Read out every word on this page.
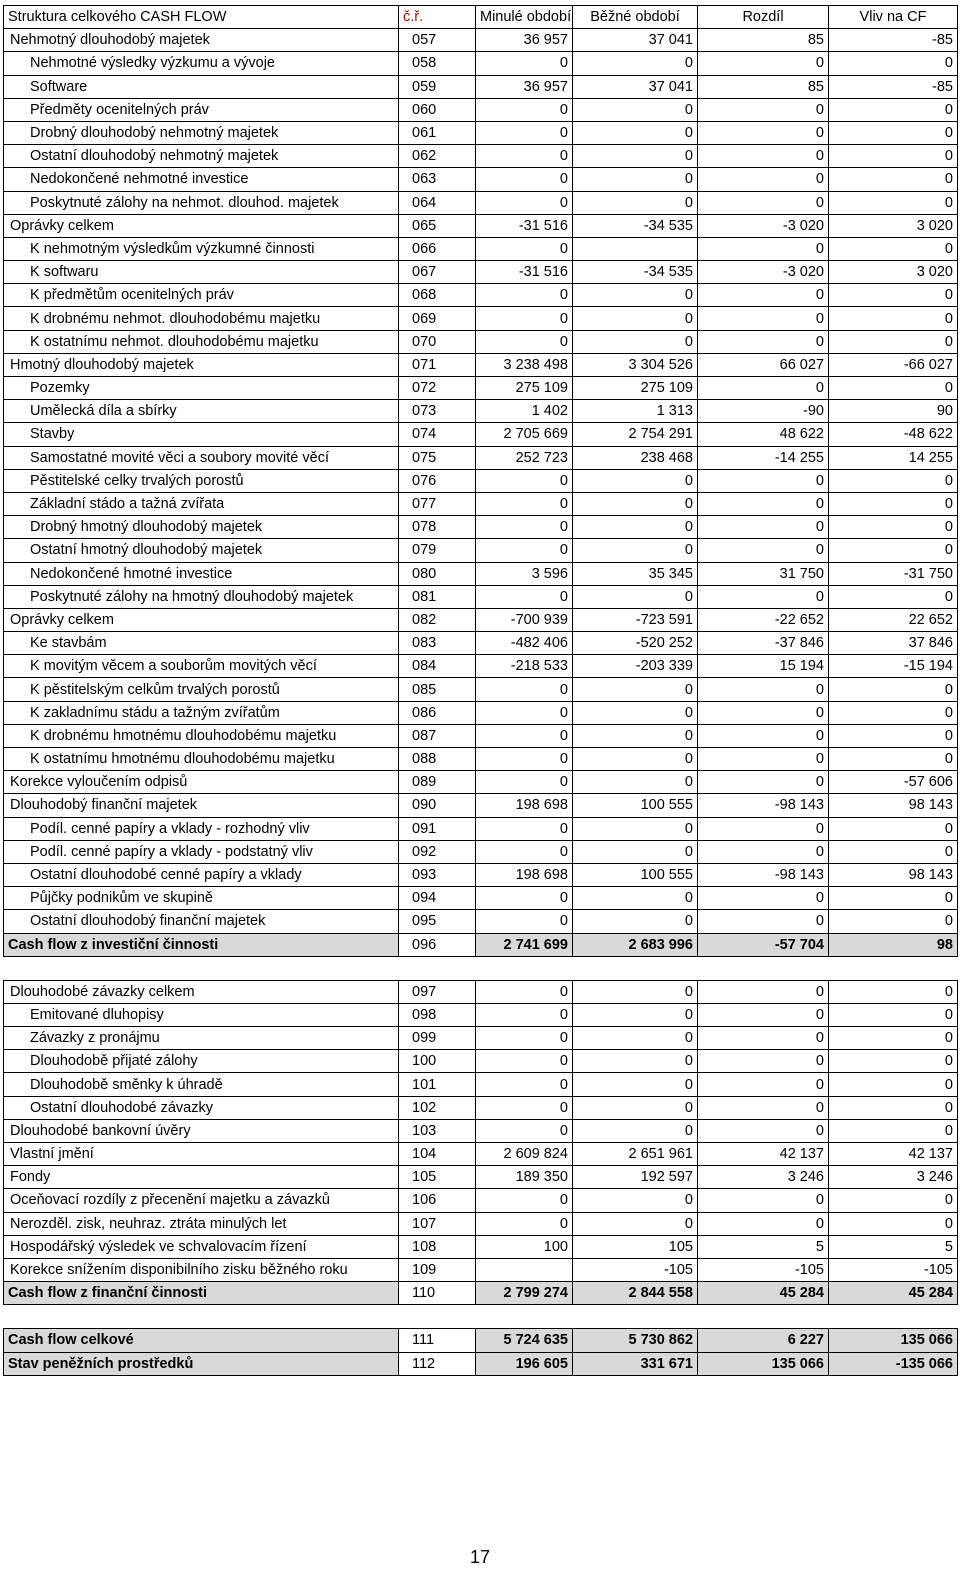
Struktura celkového CASH FLOW	č.ř.	Minulé období	Běžné období	Rozdíl	Vliv na CF
Nehmotný dlouhodobý majetek	057	36 957	37 041	85	-85
Nehmotné výsledky výzkumu a vývoje	058	0	0	0	0
Software	059	36 957	37 041	85	-85
Předměty ocenitelných práv	060	0	0	0	0
Drobný dlouhodobý nehmotný majetek	061	0	0	0	0
Ostatní dlouhodobý nehmotný majetek	062	0	0	0	0
Nedokončené nehmotné investice	063	0	0	0	0
Poskytnuté zálohy na nehmot. dlouhod. majetek	064	0	0	0	0
Oprávky celkem	065	-31 516	-34 535	-3 020	3 020
K nehmotným výsledkům výzkumné činnosti	066	0		0	0
K softwaru	067	-31 516	-34 535	-3 020	3 020
K předmětům ocenitelných práv	068	0	0	0	0
K drobnému nehmot. dlouhodobému majetku	069	0	0	0	0
K ostatnímu nehmot. dlouhodobému majetku	070	0	0	0	0
Hmotný dlouhodobý majetek	071	3 238 498	3 304 526	66 027	-66 027
Pozemky	072	275 109	275 109	0	0
Umělecká díla a sbírky	073	1 402	1 313	-90	90
Stavby	074	2 705 669	2 754 291	48 622	-48 622
Samostatné movité věci a soubory movité věcí	075	252 723	238 468	-14 255	14 255
Pěstitelské celky trvalých porostů	076	0	0	0	0
Základní stádo a tažná zvířata	077	0	0	0	0
Drobný hmotný dlouhodobý majetek	078	0	0	0	0
Ostatní hmotný dlouhodobý majetek	079	0	0	0	0
Nedokončené hmotné investice	080	3 596	35 345	31 750	-31 750
Poskytnuté zálohy na hmotný dlouhodobý majetek	081	0	0	0	0
Oprávky celkem	082	-700 939	-723 591	-22 652	22 652
Ke stavbám	083	-482 406	-520 252	-37 846	37 846
K movitým věcem a souborům movitých věcí	084	-218 533	-203 339	15 194	-15 194
K pěstitelským celkům trvalých porostů	085	0	0	0	0
K zakladnímu stádu a tažným zvířatům	086	0	0	0	0
K drobnému hmotnému dlouhodobému majetku	087	0	0	0	0
K ostatnímu hmotnému dlouhodobému majetku	088	0	0	0	0
Korekce vyloučením odpisů	089	0	0	0	-57 606
Dlouhodobý finanční majetek	090	198 698	100 555	-98 143	98 143
Podíl. cenné papíry a vklady - rozhodný vliv	091	0	0	0	0
Podíl. cenné papíry a vklady - podstatný vliv	092	0	0	0	0
Ostatní dlouhodobé cenné papíry a vklady	093	198 698	100 555	-98 143	98 143
Půjčky podnikům ve skupině	094	0	0	0	0
Ostatní dlouhodobý finanční majetek	095	0	0	0	0
Cash flow z investiční činnosti	096	2 741 699	2 683 996	-57 704	98

Dlouhodobé závazky celkem	097	0	0	0	0
Emitované dluhopisy	098	0	0	0	0
Závazky z pronájmu	099	0	0	0	0
Dlouhodobě přijaté zálohy	100	0	0	0	0
Dlouhodobě směnky k úhradě	101	0	0	0	0
Ostatní dlouhodobé závazky	102	0	0	0	0
Dlouhodobé bankovní úvěry	103	0	0	0	0
Vlastní jmění	104	2 609 824	2 651 961	42 137	42 137
Fondy	105	189 350	192 597	3 246	3 246
Oceňovací rozdíly z přecenění majetku a závazků	106	0	0	0	0
Nerozděl. zisk, neuhraz. ztráta minulých let	107	0	0	0	0
Hospodářský výsledek ve schvalovacím řízení	108	100	105	5	5
Korekce snížením disponibilního zisku běžného roku	109		-105	-105	-105
Cash flow z finanční činnosti	110	2 799 274	2 844 558	45 284	45 284

Cash flow celkové	111	5 724 635	5 730 862	6 227	135 066
Stav peněžních prostředků	112	196 605	331 671	135 066	-135 066
17
